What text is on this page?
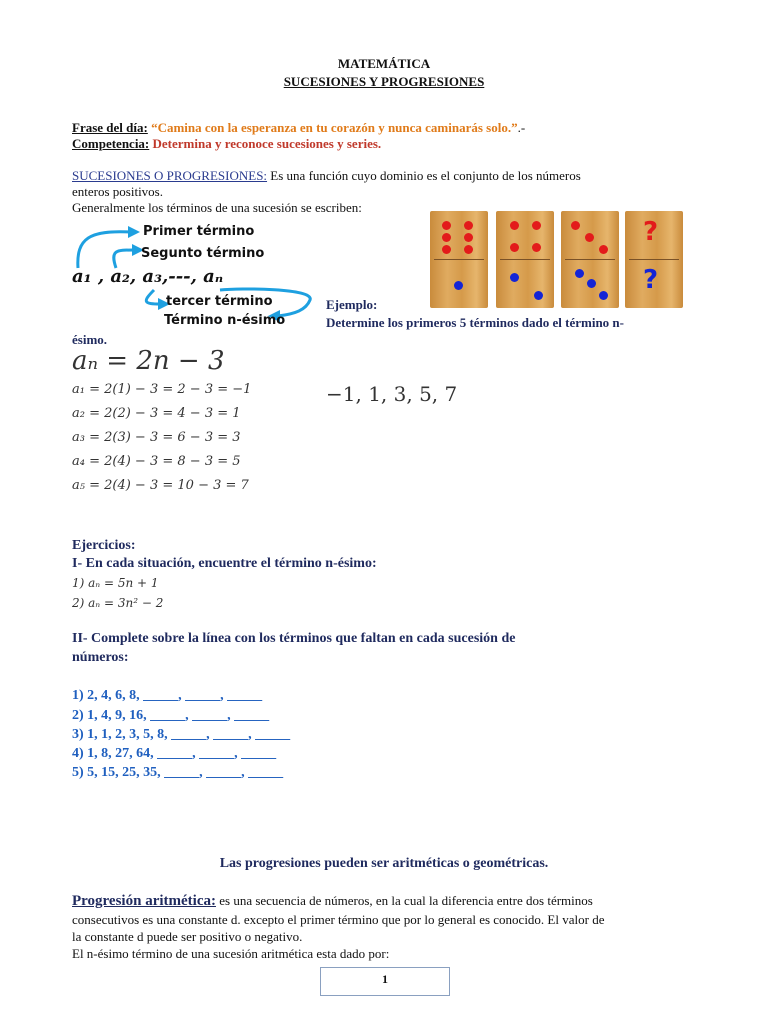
MATEMÁTICA
SUCESIONES Y PROGRESIONES
Frase del día: “Camina con la esperanza en tu corazón y nunca caminarás solo.”.-
Competencia: Determina y reconoce sucesiones y series.
SUCESIONES O PROGRESIONES: Es una función cuyo dominio es el conjunto de los números
enteros positivos.
Generalmente los términos de una sucesión se escriben:
Primer término
Segunto término
a₁ , a₂, a₃,---, aₙ
tercer término
Término n-ésimo
?
?
Ejemplo:
Determine los primeros 5 términos dado el término n-
ésimo.
aₙ = 2n − 3
a₁ = 2(1) − 3 = 2 − 3 = −1
a₂ = 2(2) − 3 = 4 − 3 = 1
a₃ = 2(3) − 3 = 6 − 3 = 3
a₄ = 2(4) − 3 = 8 − 3 = 5
a₅ = 2(4) − 3 = 10 − 3 = 7
−1, 1, 3, 5, 7
Ejercicios:
I- En cada situación, encuentre el término n-ésimo:
1) aₙ = 5n + 1
2) aₙ = 3n² − 2
II- Complete sobre la línea con los términos que faltan en cada sucesión de
números:
1) 2, 4, 6, 8, _____, _____, _____
2) 1, 4, 9, 16, _____, _____, _____
3) 1, 1, 2, 3, 5, 8, _____, _____, _____
4) 1, 8, 27, 64, _____, _____, _____
5) 5, 15, 25, 35, _____, _____, _____
Las progresiones pueden ser aritméticas o geométricas.
Progresión aritmética: es una secuencia de números, en la cual la diferencia entre dos términos
consecutivos es una constante d. excepto el primer término que por lo general es conocido. El valor de
la constante d puede ser positivo o negativo.
El n-ésimo término de una sucesión aritmética esta dado por:
1
